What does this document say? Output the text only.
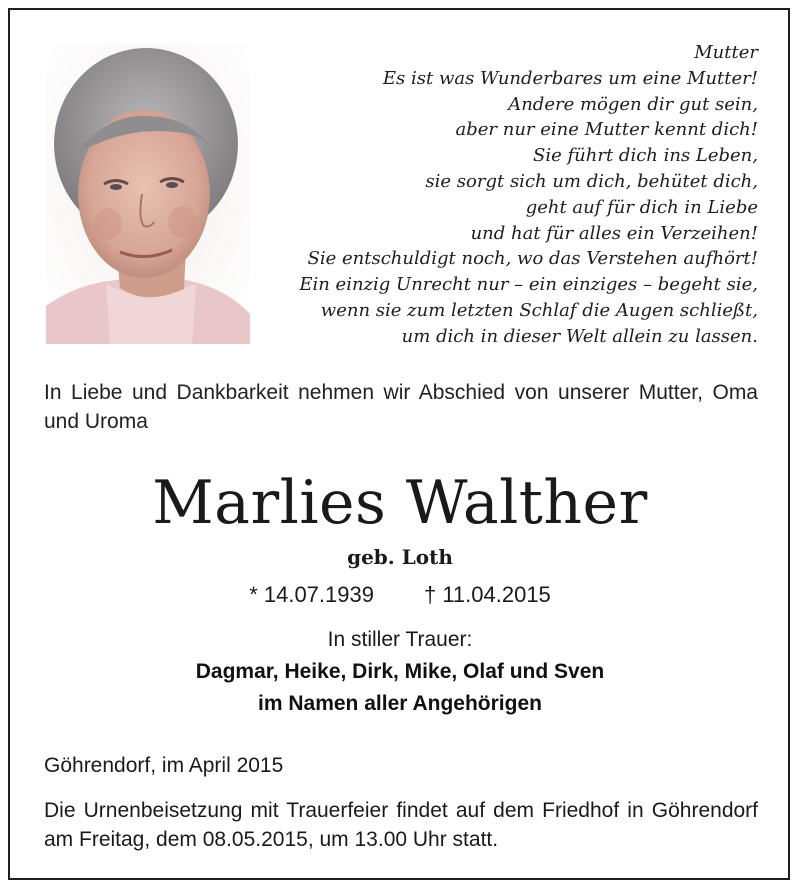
Mutter
Es ist was Wunderbares um eine Mutter!
Andere mögen dir gut sein,
aber nur eine Mutter kennt dich!
Sie führt dich ins Leben,
sie sorgt sich um dich, behütet dich,
geht auf für dich in Liebe
und hat für alles ein Verzeihen!
Sie entschuldigt noch, wo das Verstehen aufhört!
Ein einzig Unrecht nur – ein einziges – begeht sie,
wenn sie zum letzten Schlaf die Augen schließt,
um dich in dieser Welt allein zu lassen.
In Liebe und Dankbarkeit nehmen wir Abschied von unserer Mutter, Oma und Uroma
Marlies Walther
geb. Loth
* 14.07.1939 † 11.04.2015
In stiller Trauer:
Dagmar, Heike, Dirk, Mike, Olaf und Sven
im Namen aller Angehörigen
Göhrendorf, im April 2015
Die Urnenbeisetzung mit Trauerfeier findet auf dem Friedhof in Göhrendorf am Freitag, dem 08.05.2015, um 13.00 Uhr statt.
